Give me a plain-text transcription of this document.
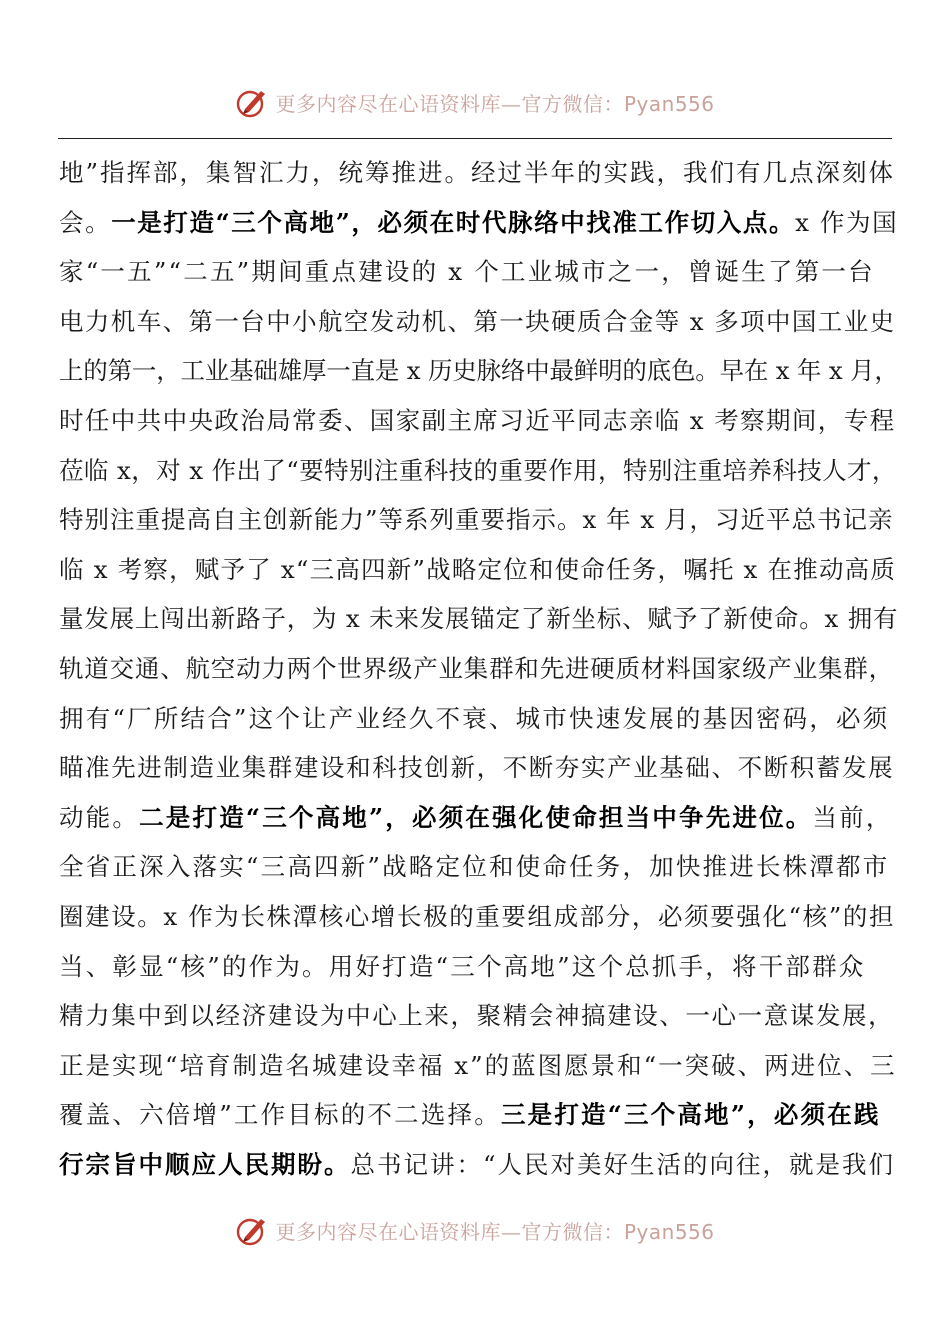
更多内容尽在心语资料库—官方微信：Pyan556
地”指挥部，集智汇力，统筹推进。经过半年的实践，我们有几点深刻体
会。一是打造“三个高地”，必须在时代脉络中找准工作切入点。x 作为国
家“一五”“二五”期间重点建设的 x 个工业城市之一，曾诞生了第一台
电力机车、第一台中小航空发动机、第一块硬质合金等 x 多项中国工业史
上的第一，工业基础雄厚一直是 x 历史脉络中最鲜明的底色。早在 x 年 x 月，
时任中共中央政治局常委、国家副主席习近平同志亲临 x 考察期间，专程
莅临 x，对 x 作出了“要特别注重科技的重要作用，特别注重培养科技人才，
特别注重提高自主创新能力”等系列重要指示。x 年 x 月，习近平总书记亲
临 x 考察，赋予了 x“三高四新”战略定位和使命任务，嘱托 x 在推动高质
量发展上闯出新路子，为 x 未来发展锚定了新坐标、赋予了新使命。x 拥有
轨道交通、航空动力两个世界级产业集群和先进硬质材料国家级产业集群，
拥有“厂所结合”这个让产业经久不衰、城市快速发展的基因密码，必须
瞄准先进制造业集群建设和科技创新，不断夯实产业基础、不断积蓄发展
动能。二是打造“三个高地”，必须在强化使命担当中争先进位。当前，
全省正深入落实“三高四新”战略定位和使命任务，加快推进长株潭都市
圈建设。x 作为长株潭核心增长极的重要组成部分，必须要强化“核”的担
当、彰显“核”的作为。用好打造“三个高地”这个总抓手，将干部群众
精力集中到以经济建设为中心上来，聚精会神搞建设、一心一意谋发展，
正是实现“培育制造名城建设幸福 x”的蓝图愿景和“一突破、两进位、三
覆盖、六倍增”工作目标的不二选择。三是打造“三个高地”，必须在践
行宗旨中顺应人民期盼。总书记讲：“人民对美好生活的向往，就是我们
更多内容尽在心语资料库—官方微信：Pyan556
